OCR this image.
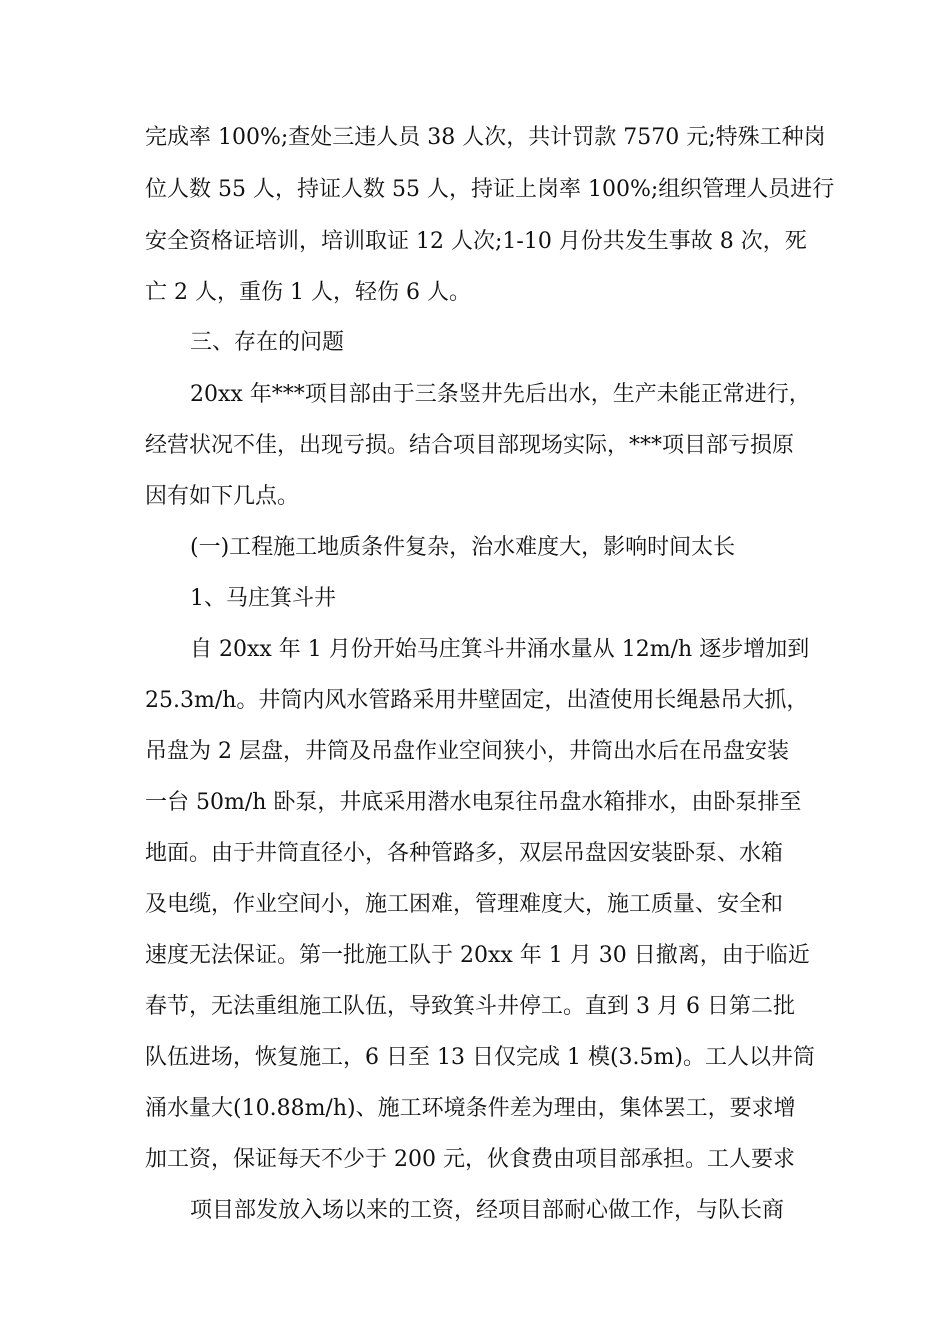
完成率 100%;查处三违人员 38 人次，共计罚款 7570 元;特殊工种岗
位人数 55 人，持证人数 55 人，持证上岗率 100%;组织管理人员进行
安全资格证培训，培训取证 12 人次;1-10 月份共发生事故 8 次，死
亡 2 人，重伤 1 人，轻伤 6 人。
三、存在的问题
20xx 年***项目部由于三条竖井先后出水，生产未能正常进行，
经营状况不佳，出现亏损。结合项目部现场实际，***项目部亏损原
因有如下几点。
(一)工程施工地质条件复杂，治水难度大，影响时间太长
1、马庄箕斗井
自 20xx 年 1 月份开始马庄箕斗井涌水量从 12m/h 逐步增加到
25.3m/h。井筒内风水管路采用井壁固定，出渣使用长绳悬吊大抓，
吊盘为 2 层盘，井筒及吊盘作业空间狭小，井筒出水后在吊盘安装
一台 50m/h 卧泵，井底采用潜水电泵往吊盘水箱排水，由卧泵排至
地面。由于井筒直径小，各种管路多，双层吊盘因安装卧泵、水箱
及电缆，作业空间小，施工困难，管理难度大，施工质量、安全和
速度无法保证。第一批施工队于 20xx 年 1 月 30 日撤离，由于临近
春节，无法重组施工队伍，导致箕斗井停工。直到 3 月 6 日第二批
队伍进场，恢复施工，6 日至 13 日仅完成 1 模(3.5m)。工人以井筒
涌水量大(10.88m/h)、施工环境条件差为理由，集体罢工，要求增
加工资，保证每天不少于 200 元，伙食费由项目部承担。工人要求
项目部发放入场以来的工资，经项目部耐心做工作，与队长商
